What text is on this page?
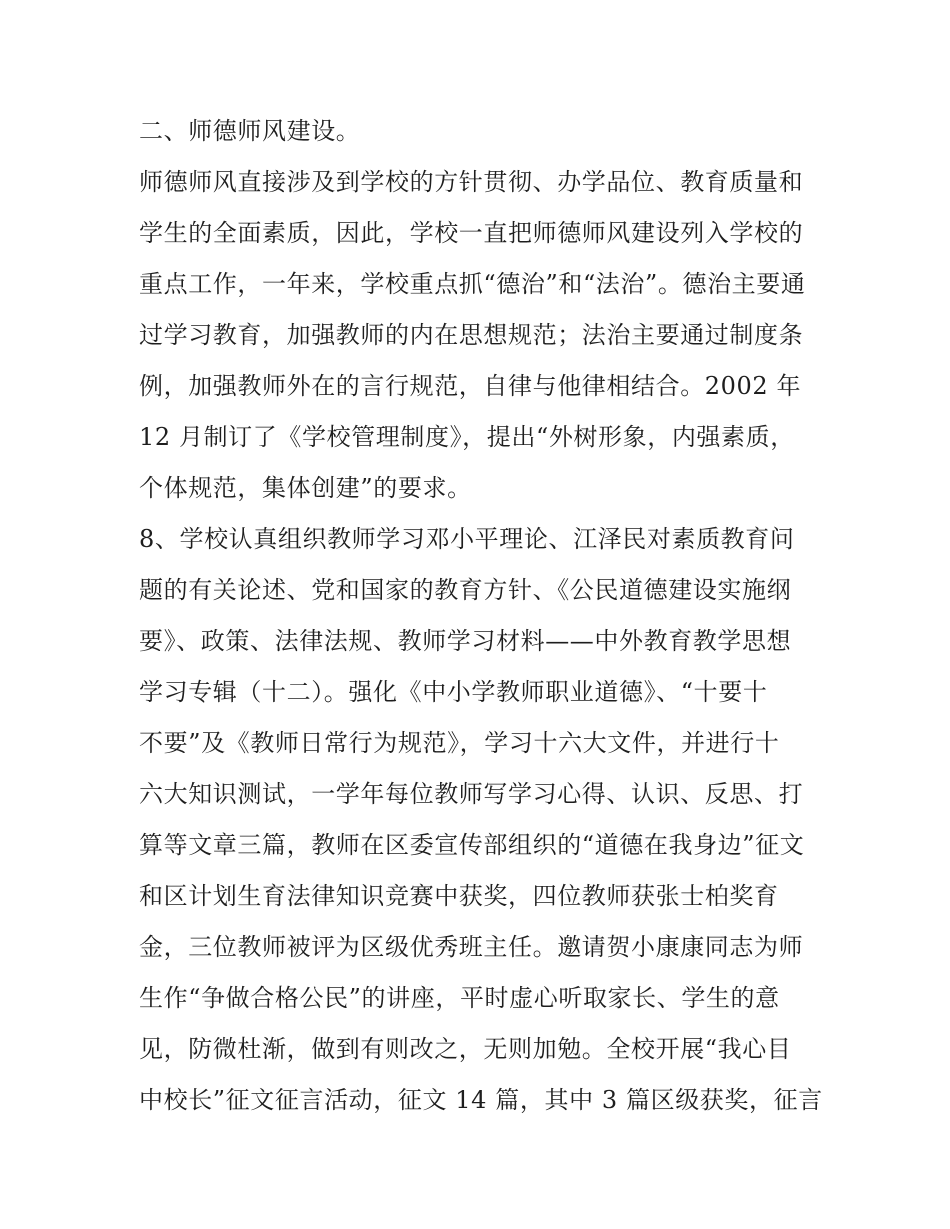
二、师德师风建设。
师德师风直接涉及到学校的方针贯彻、办学品位、教育质量和
学生的全面素质，因此，学校一直把师德师风建设列入学校的
重点工作，一年来，学校重点抓“德治”和“法治”。德治主要通
过学习教育，加强教师的内在思想规范；法治主要通过制度条
例，加强教师外在的言行规范，自律与他律相结合。2002 年
12 月制订了《学校管理制度》，提出“外树形象，内强素质，
个体规范，集体创建”的要求。
8、学校认真组织教师学习邓小平理论、江泽民对素质教育问
题的有关论述、党和国家的教育方针、《公民道德建设实施纲
要》、政策、法律法规、教师学习材料——中外教育教学思想
学习专辑（十二）。强化《中小学教师职业道德》、“十要十
不要”及《教师日常行为规范》，学习十六大文件，并进行十
六大知识测试，一学年每位教师写学习心得、认识、反思、打
算等文章三篇，教师在区委宣传部组织的“道德在我身边”征文
和区计划生育法律知识竞赛中获奖，四位教师获张士柏奖育
金，三位教师被评为区级优秀班主任。邀请贺小康康同志为师
生作“争做合格公民”的讲座，平时虚心听取家长、学生的意
见，防微杜渐，做到有则改之，无则加勉。全校开展“我心目
中校长”征文征言活动，征文 14 篇，其中 3 篇区级获奖，征言
